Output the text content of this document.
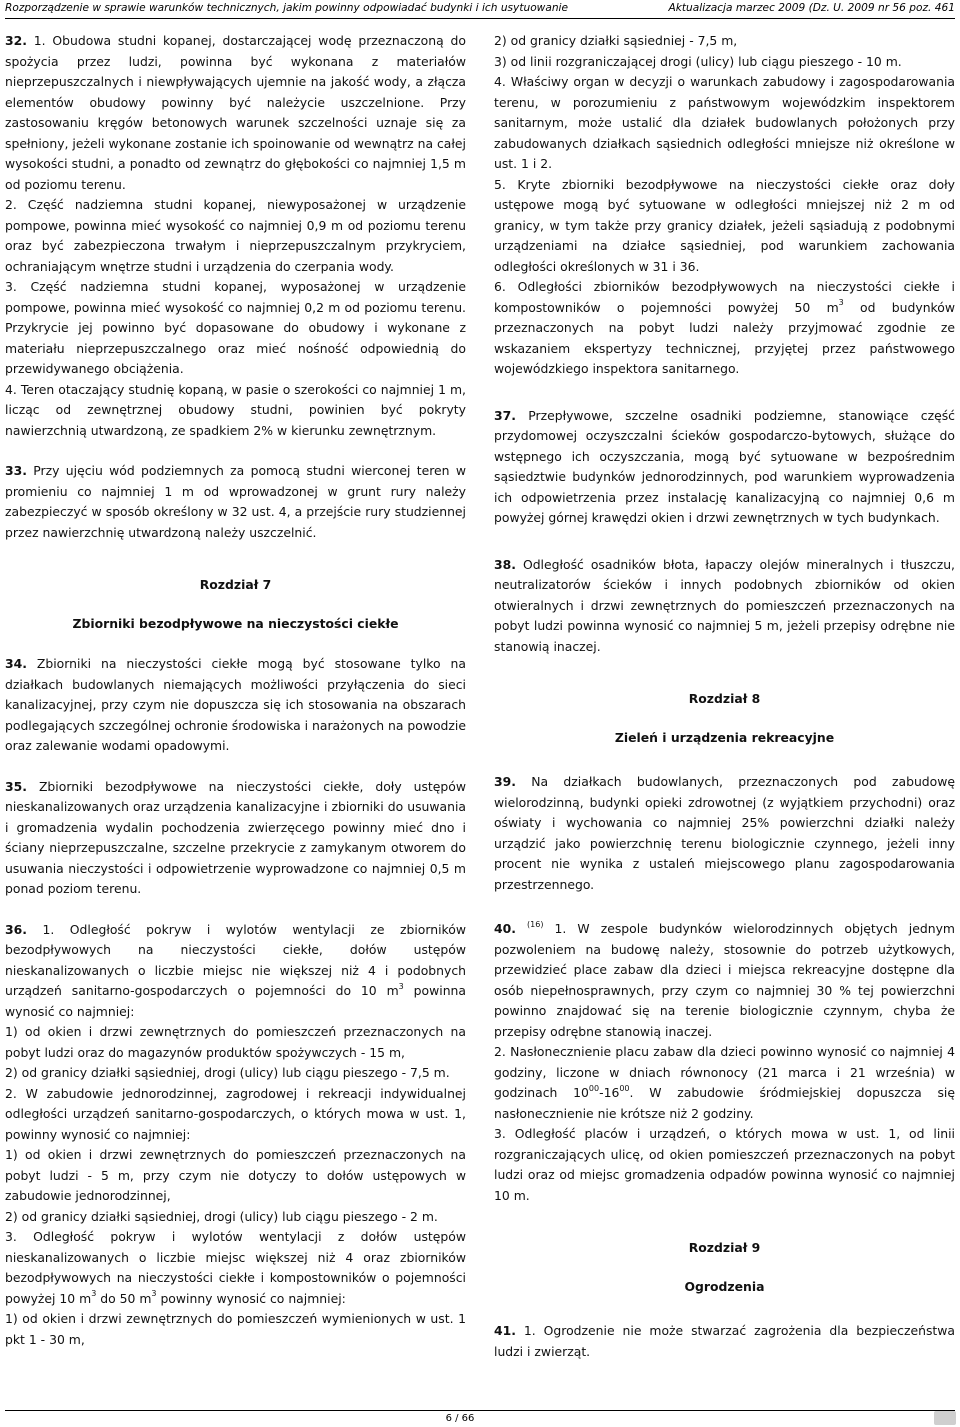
Rozporządzenie w sprawie warunków technicznych, jakim powinny odpowiadać budynki i ich usytuowanie	Aktualizacja marzec 2009 (Dz. U. 2009 nr 56 poz. 461

32. 1. Obudowa studni kopanej, dostarczającej wodę przeznaczoną do spożycia przez ludzi, powinna być wykonana z materiałów nieprzepuszczalnych i niewpływających ujemnie na jakość wody, a złącza elementów obudowy powinny być należycie uszczelnione. Przy zastosowaniu kręgów betonowych warunek szczelności uznaje się za spełniony, jeżeli wykonane zostanie ich spoinowanie od wewnątrz na całej wysokości studni, a ponadto od zewnątrz do głębokości co najmniej 1,5 m od poziomu terenu.

2. Część nadziemna studni kopanej, niewyposażonej w urządzenie pompowe, powinna mieć wysokość co najmniej 0,9 m od poziomu terenu oraz być zabezpieczona trwałym i nieprzepuszczalnym przykryciem, ochraniającym wnętrze studni i urządzenia do czerpania wody.

3. Część nadziemna studni kopanej, wyposażonej w urządzenie pompowe, powinna mieć wysokość co najmniej 0,2 m od poziomu terenu. Przykrycie jej powinno być dopasowane do obudowy i wykonane z materiału nieprzepuszczalnego oraz mieć nośność odpowiednią do przewidywanego obciążenia.

4. Teren otaczający studnię kopaną, w pasie o szerokości co najmniej 1 m, licząc od zewnętrznej obudowy studni, powinien być pokryty nawierzchnią utwardzoną, ze spadkiem 2% w kierunku zewnętrznym.

33. Przy ujęciu wód podziemnych za pomocą studni wierconej teren w promieniu co najmniej 1 m od wprowadzonej w grunt rury należy zabezpieczyć w sposób określony w 32 ust. 4, a przejście rury studziennej przez nawierzchnię utwardzoną należy uszczelnić.

Rozdział 7

Zbiorniki bezodpływowe na nieczystości ciekłe

34. Zbiorniki na nieczystości ciekłe mogą być stosowane tylko na działkach budowlanych niemających możliwości przyłączenia do sieci kanalizacyjnej, przy czym nie dopuszcza się ich stosowania na obszarach podlegających szczególnej ochronie środowiska i narażonych na powodzie oraz zalewanie wodami opadowymi.

35. Zbiorniki bezodpływowe na nieczystości ciekłe, doły ustępów nieskanalizowanych oraz urządzenia kanalizacyjne i zbiorniki do usuwania i gromadzenia wydalin pochodzenia zwierzęcego powinny mieć dno i ściany nieprzepuszczalne, szczelne przekrycie z zamykanym otworem do usuwania nieczystości i odpowietrzenie wyprowadzone co najmniej 0,5 m ponad poziom terenu.

36. 1. Odległość pokryw i wylotów wentylacji ze zbiorników bezodpływowych na nieczystości ciekłe, dołów ustępów nieskanalizowanych o liczbie miejsc nie większej niż 4 i podobnych urządzeń sanitarno-gospodarczych o pojemności do 10 $m^3$ powinna wynosić co najmniej:

1) od okien i drzwi zewnętrznych do pomieszczeń przeznaczonych na pobyt ludzi oraz do magazynów produktów spożywczych - 15 m,

2) od granicy działki sąsiedniej, drogi (ulicy) lub ciągu pieszego - 7,5 m.

2. W zabudowie jednorodzinnej, zagrodowej i rekreacji indywidualnej odległości urządzeń sanitarno-gospodarczych, o których mowa w ust. 1, powinny wynosić co najmniej:

1) od okien i drzwi zewnętrznych do pomieszczeń przeznaczonych na pobyt ludzi - 5 m, przy czym nie dotyczy to dołów ustępowych w zabudowie jednorodzinnej,

2) od granicy działki sąsiedniej, drogi (ulicy) lub ciągu pieszego - 2 m.

3. Odległość pokryw i wylotów wentylacji z dołów ustępów nieskanalizowanych o liczbie miejsc większej niż 4 oraz zbiorników bezodpływowych na nieczystości ciekłe i kompostowników o pojemności powyżej 10 $m^3$ do 50 $m^3$ powinny wynosić co najmniej:

1) od okien i drzwi zewnętrznych do pomieszczeń wymienionych w ust. 1 pkt 1 - 30 m,

2) od granicy działki sąsiedniej - 7,5 m,

3) od linii rozgraniczającej drogi (ulicy) lub ciągu pieszego - 10 m.

4. Właściwy organ w decyzji o warunkach zabudowy i zagospodarowania terenu, w porozumieniu z państwowym wojewódzkim inspektorem sanitarnym, może ustalić dla działek budowlanych położonych przy zabudowanych działkach sąsiednich odległości mniejsze niż określone w ust. 1 i 2.

5. Kryte zbiorniki bezodpływowe na nieczystości ciekłe oraz doły ustępowe mogą być sytuowane w odległości mniejszej niż 2 m od granicy, w tym także przy granicy działek, jeżeli sąsiadują z podobnymi urządzeniami na działce sąsiedniej, pod warunkiem zachowania odległości określonych w 31 i 36.

6. Odległości zbiorników bezodpływowych na nieczystości ciekłe i kompostowników o pojemności powyżej 50 $m^3$ od budynków przeznaczonych na pobyt ludzi należy przyjmować zgodnie ze wskazaniem ekspertyzy technicznej, przyjętej przez państwowego wojewódzkiego inspektora sanitarnego.

37. Przepływowe, szczelne osadniki podziemne, stanowiące część przydomowej oczyszczalni ścieków gospodarczo-bytowych, służące do wstępnego ich oczyszczania, mogą być sytuowane w bezpośrednim sąsiedztwie budynków jednorodzinnych, pod warunkiem wyprowadzenia ich odpowietrzenia przez instalację kanalizacyjną co najmniej 0,6 m powyżej górnej krawędzi okien i drzwi zewnętrznych w tych budynkach.

38. Odległość osadników błota, łapaczy olejów mineralnych i tłuszczu, neutralizatorów ścieków i innych podobnych zbiorników od okien otwieralnych i drzwi zewnętrznych do pomieszczeń przeznaczonych na pobyt ludzi powinna wynosić co najmniej 5 m, jeżeli przepisy odrębne nie stanowią inaczej.

Rozdział 8

Zieleń i urządzenia rekreacyjne

39. Na działkach budowlanych, przeznaczonych pod zabudowę wielorodzinną, budynki opieki zdrowotnej (z wyjątkiem przychodni) oraz oświaty i wychowania co najmniej 25% powierzchni działki należy urządzić jako powierzchnię terenu biologicznie czynnego, jeżeli inny procent nie wynika z ustaleń miejscowego planu zagospodarowania przestrzennego.

40. $^{(16)}$ 1. W zespole budynków wielorodzinnych objętych jednym pozwoleniem na budowę należy, stosownie do potrzeb użytkowych, przewidzieć place zabaw dla dzieci i miejsca rekreacyjne dostępne dla osób niepełnosprawnych, przy czym co najmniej 30 % tej powierzchni powinno znajdować się na terenie biologicznie czynnym, chyba że przepisy odrębne stanowią inaczej.

2. Nasłonecznienie placu zabaw dla dzieci powinno wynosić co najmniej 4 godziny, liczone w dniach równonocy (21 marca i 21 września) w godzinach $10^{00}-16^{00}$. W zabudowie śródmiejskiej dopuszcza się nasłonecznienie nie krótsze niż 2 godziny.

3. Odległość placów i urządzeń, o których mowa w ust. 1, od linii rozgraniczających ulicę, od okien pomieszczeń przeznaczonych na pobyt ludzi oraz od miejsc gromadzenia odpadów powinna wynosić co najmniej 10 m.

Rozdział 9

Ogrodzenia

41. 1. Ogrodzenie nie może stwarzać zagrożenia dla bezpieczeństwa ludzi i zwierząt.

6 / 66
